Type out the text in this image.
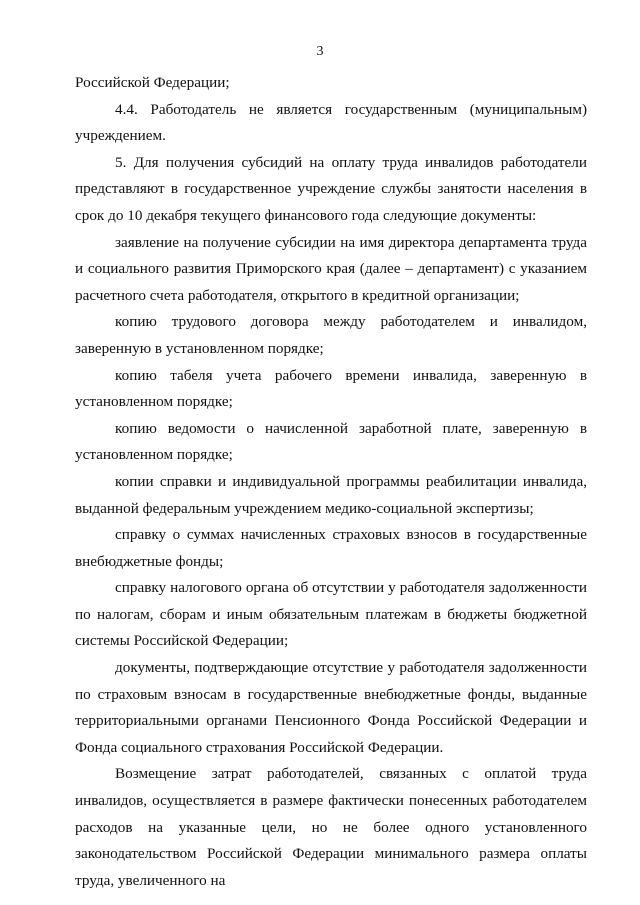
3

Российской Федерации;

4.4. Работодатель не является государственным (муниципальным) учреждением.

5. Для получения субсидий на оплату труда инвалидов работодатели представляют в государственное учреждение службы занятости населения в срок до 10 декабря текущего финансового года следующие документы:

заявление на получение субсидии на имя директора департамента труда и социального развития Приморского края (далее – департамент) с указанием расчетного счета работодателя, открытого в кредитной организации;

копию трудового договора между работодателем и инвалидом, заверенную в установленном порядке;

копию табеля учета рабочего времени инвалида, заверенную в установленном порядке;

копию ведомости о начисленной заработной плате, заверенную в установленном порядке;

копии справки и индивидуальной программы реабилитации инвалида, выданной федеральным учреждением медико-социальной экспертизы;

справку о суммах начисленных страховых взносов в государственные внебюджетные фонды;

справку налогового органа об отсутствии у работодателя задолженности по налогам, сборам и иным обязательным платежам в бюджеты бюджетной системы Российской Федерации;

документы, подтверждающие отсутствие у работодателя задолженности по страховым взносам в государственные внебюджетные фонды, выданные территориальными органами Пенсионного Фонда Российской Федерации и Фонда социального страхования Российской Федерации.

Возмещение затрат работодателей, связанных с оплатой труда инвалидов, осуществляется в размере фактически понесенных работодателем расходов на указанные цели, но не более одного установленного законодательством Российской Федерации минимального размера оплаты труда, увеличенного на
